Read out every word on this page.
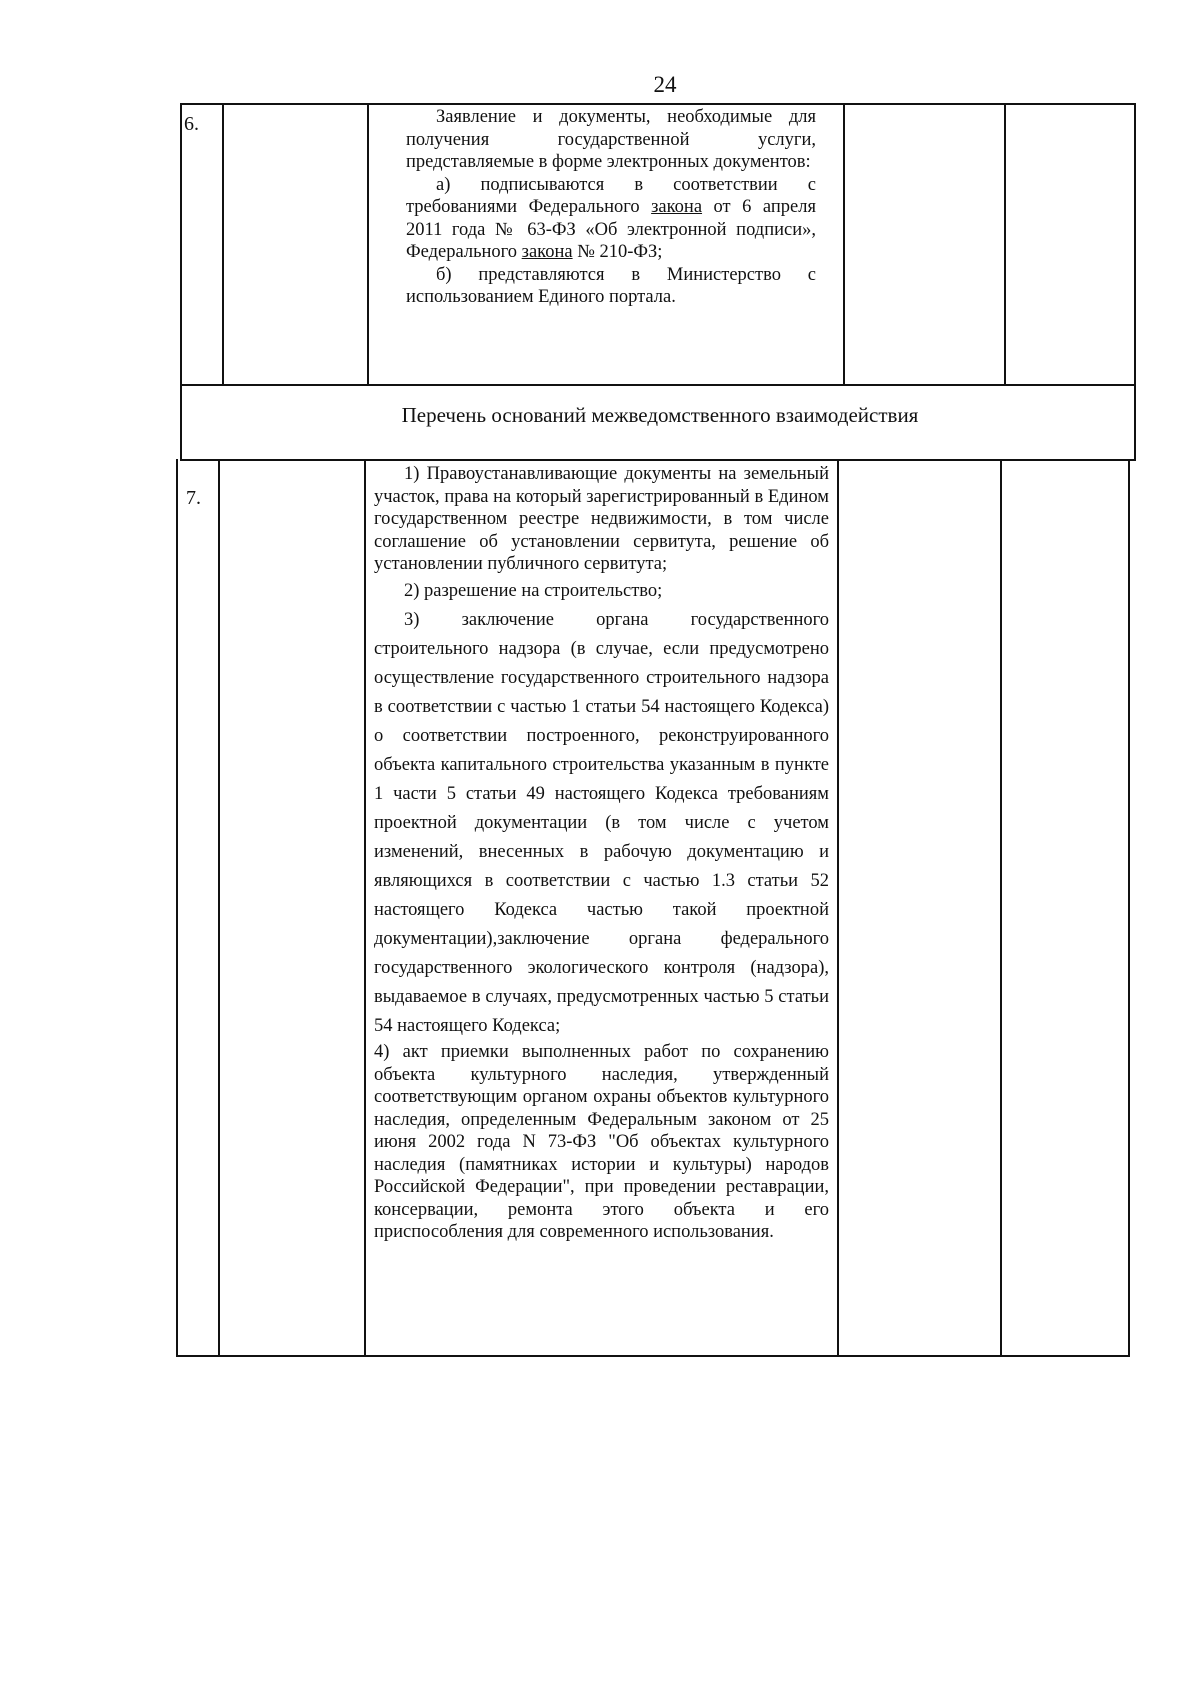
24
6.	Заявление и документы, необходимые для получения государственной услуги, представляемые в форме электронных документов:

а) подписываются в соответствии с требованиями Федерального закона от 6 апреля 2011 года № 63-ФЗ «Об электронной подписи», Федерального закона № 210-ФЗ;

б) представляются в Министерство с использованием Единого портала.

Перечень оснований межведомственного взаимодействия
7.

1) Правоустанавливающие документы на земельный участок, права на который зарегистрированный в Едином государственном реестре недвижимости, в том числе соглашение об установлении сервитута, решение об установлении публичного сервитута;

2) разрешение на строительство;

3) заключение органа государственного строительного надзора (в случае, если предусмотрено осуществление государственного строительного надзора в соответствии с частью 1 статьи 54 настоящего Кодекса) о соответствии построенного, реконструированного объекта капитального строительства указанным в пункте 1 части 5 статьи 49 настоящего Кодекса требованиям проектной документации (в том числе с учетом изменений, внесенных в рабочую документацию и являющихся в соответствии с частью 1.3 статьи 52 настоящего Кодекса частью такой проектной документации),заключение органа федерального государственного экологического контроля (надзора), выдаваемое в случаях, предусмотренных частью 5 статьи 54 настоящего Кодекса;

4) акт приемки выполненных работ по сохранению объекта культурного наследия, утвержденный соответствующим органом охраны объектов культурного наследия, определенным Федеральным законом от 25 июня 2002 года N 73-ФЗ "Об объектах культурного наследия (памятниках истории и культуры) народов Российской Федерации", при проведении реставрации, консервации, ремонта этого объекта и его приспособления для современного использования.
